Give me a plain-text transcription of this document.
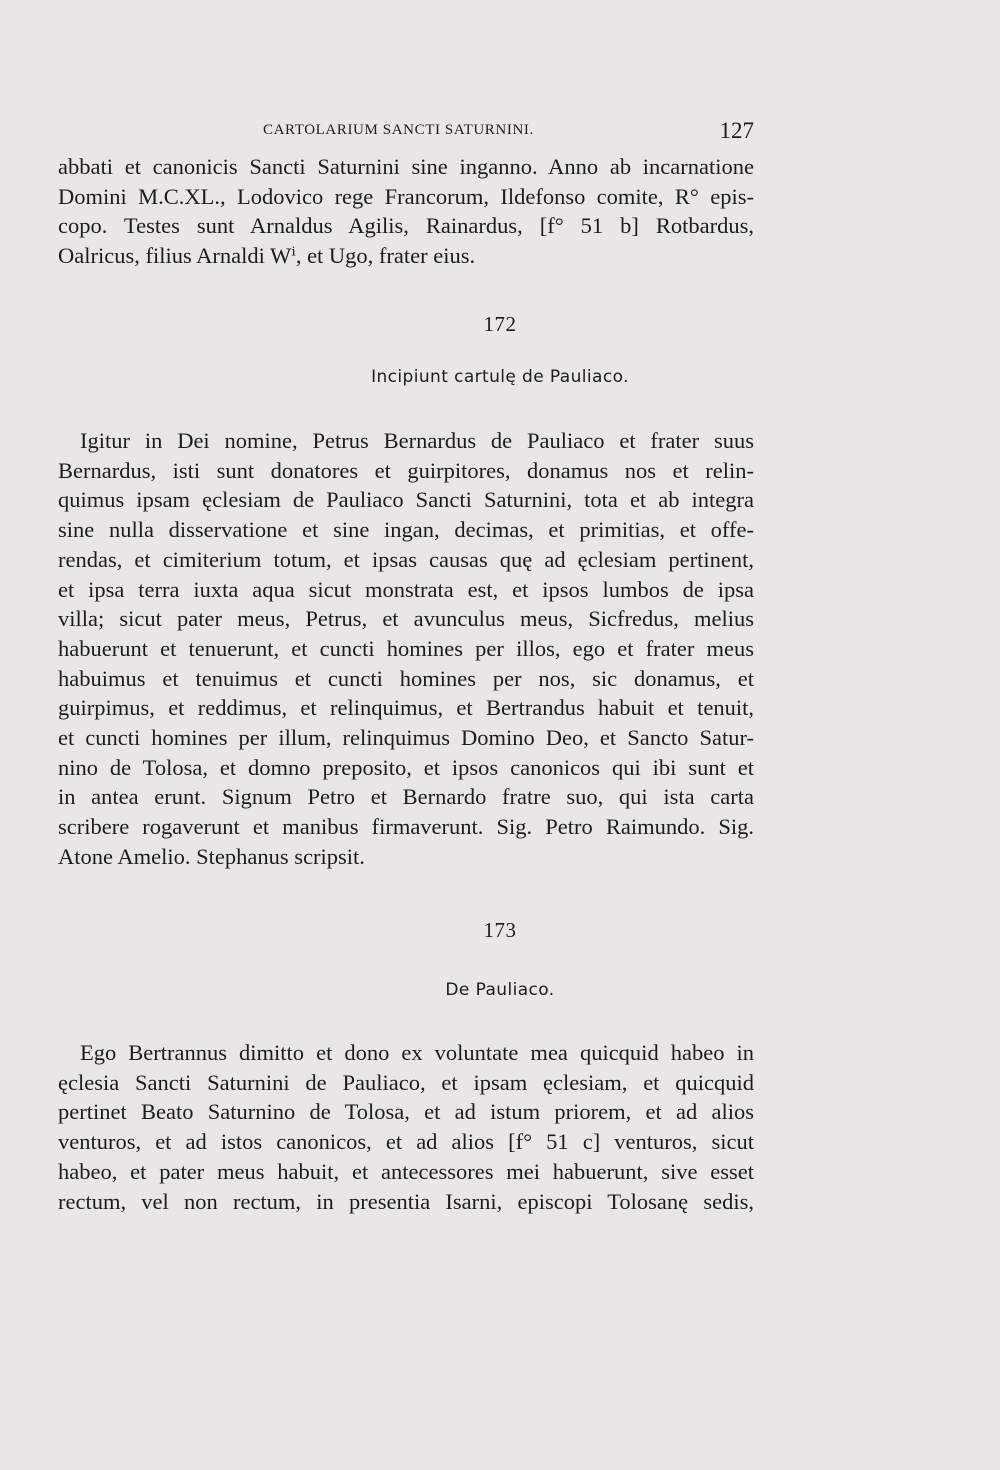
CARTOLARIUM SANCTI SATURNINI.	127
abbati et canonicis Sancti Saturnini sine inganno. Anno ab incarnatione
Domini M.C.XL., Lodovico rege Francorum, Ildefonso comite, R° epis-
copo. Testes sunt Arnaldus Agilis, Rainardus, [f° 51 b] Rotbardus,
Oalricus, filius Arnaldi Wⁱ, et Ugo, frater eius.
172
Incipiunt cartulę de Pauliaco.
Igitur in Dei nomine, Petrus Bernardus de Pauliaco et frater suus
Bernardus, isti sunt donatores et guirpitores, donamus nos et relin-
quimus ipsam ęclesiam de Pauliaco Sancti Saturnini, tota et ab integra
sine nulla disservatione et sine ingan, decimas, et primitias, et offe-
rendas, et cimiterium totum, et ipsas causas quę ad ęclesiam pertinent,
et ipsa terra iuxta aqua sicut monstrata est, et ipsos lumbos de ipsa
villa; sicut pater meus, Petrus, et avunculus meus, Sicfredus, melius
habuerunt et tenuerunt, et cuncti homines per illos, ego et frater meus
habuimus et tenuimus et cuncti homines per nos, sic donamus, et
guirpimus, et reddimus, et relinquimus, et Bertrandus habuit et tenuit,
et cuncti homines per illum, relinquimus Domino Deo, et Sancto Satur-
nino de Tolosa, et domno preposito, et ipsos canonicos qui ibi sunt et
in antea erunt. Signum Petro et Bernardo fratre suo, qui ista carta
scribere rogaverunt et manibus firmaverunt. Sig. Petro Raimundo. Sig.
Atone Amelio. Stephanus scripsit.
173
De Pauliaco.
Ego Bertrannus dimitto et dono ex voluntate mea quicquid habeo in
ęclesia Sancti Saturnini de Pauliaco, et ipsam ęclesiam, et quicquid
pertinet Beato Saturnino de Tolosa, et ad istum priorem, et ad alios
venturos, et ad istos canonicos, et ad alios [f° 51 c] venturos, sicut
habeo, et pater meus habuit, et antecessores mei habuerunt, sive esset
rectum, vel non rectum, in presentia Isarni, episcopi Tolosanę sedis,
